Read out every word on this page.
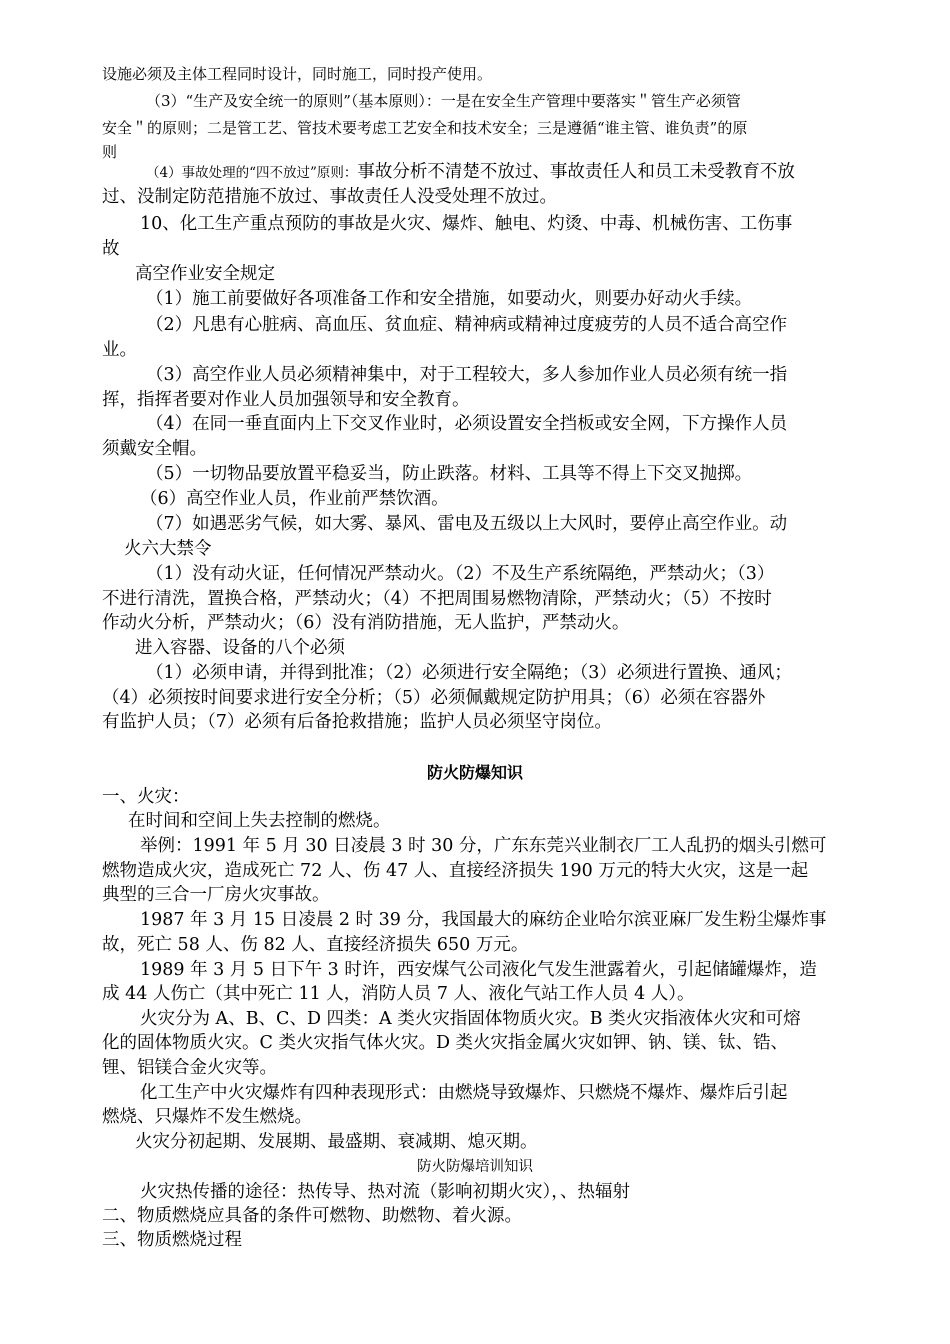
设施必须及主体工程同时设计，同时施工，同时投产使用。
（3）“生产及安全统一的原则”（基本原则）：一是在安全生产管理中要落实＂管生产必须管
安全＂的原则；二是管工艺、管技术要考虑工艺安全和技术安全；三是遵循“谁主管、谁负责”的原
则
（4）事故处理的“四不放过”原则：事故分析不清楚不放过、事故责任人和员工未受教育不放
过、没制定防范措施不放过、事故责任人没受处理不放过。
10、化工生产重点预防的事故是火灾、爆炸、触电、灼烫、中毒、机械伤害、工伤事
故
高空作业安全规定
（1）施工前要做好各项准备工作和安全措施，如要动火，则要办好动火手续。
（2）凡患有心脏病、高血压、贫血症、精神病或精神过度疲劳的人员不适合高空作
业。
（3）高空作业人员必须精神集中，对于工程较大，多人参加作业人员必须有统一指
挥，指挥者要对作业人员加强领导和安全教育。
（4）在同一垂直面内上下交叉作业时，必须设置安全挡板或安全网，下方操作人员
须戴安全帽。
（5）一切物品要放置平稳妥当，防止跌落。材料、工具等不得上下交叉抛掷。
（6）高空作业人员，作业前严禁饮酒。
（7）如遇恶劣气候，如大雾、暴风、雷电及五级以上大风时，要停止高空作业。动
火六大禁令
（1）没有动火证，任何情况严禁动火。（2）不及生产系统隔绝，严禁动火；（3）
不进行清洗，置换合格，严禁动火；（4）不把周围易燃物清除，严禁动火；（5）不按时
作动火分析，严禁动火；（6）没有消防措施，无人监护，严禁动火。
进入容器、设备的八个必须
（1）必须申请，并得到批准；（2）必须进行安全隔绝；（3）必须进行置换、通风；
（4）必须按时间要求进行安全分析；（5）必须佩戴规定防护用具；（6）必须在容器外
有监护人员；（7）必须有后备抢救措施；监护人员必须坚守岗位。
防火防爆知识
一、火灾：
在时间和空间上失去控制的燃烧。
举例：1991 年 5 月 30 日凌晨 3 时 30 分，广东东莞兴业制衣厂工人乱扔的烟头引燃可
燃物造成火灾，造成死亡 72 人、伤 47 人、直接经济损失 190 万元的特大火灾，这是一起
典型的三合一厂房火灾事故。
1987 年 3 月 15 日凌晨 2 时 39 分，我国最大的麻纺企业哈尔滨亚麻厂发生粉尘爆炸事
故，死亡 58 人、伤 82 人、直接经济损失 650 万元。
1989 年 3 月 5 日下午 3 时许，西安煤气公司液化气发生泄露着火，引起储罐爆炸，造
成 44 人伤亡（其中死亡 11 人，消防人员 7 人、液化气站工作人员 4 人）。
火灾分为 A、B、C、D 四类：A 类火灾指固体物质火灾。B 类火灾指液体火灾和可熔
化的固体物质火灾。C 类火灾指气体火灾。D 类火灾指金属火灾如钾、钠、镁、钛、锆、
锂、铝镁合金火灾等。
化工生产中火灾爆炸有四种表现形式：由燃烧导致爆炸、只燃烧不爆炸、爆炸后引起
燃烧、只爆炸不发生燃烧。
火灾分初起期、发展期、最盛期、衰减期、熄灭期。
防火防爆培训知识
火灾热传播的途径：热传导、热对流（影响初期火灾），、热辐射
二、物质燃烧应具备的条件可燃物、助燃物、着火源。
三、物质燃烧过程
